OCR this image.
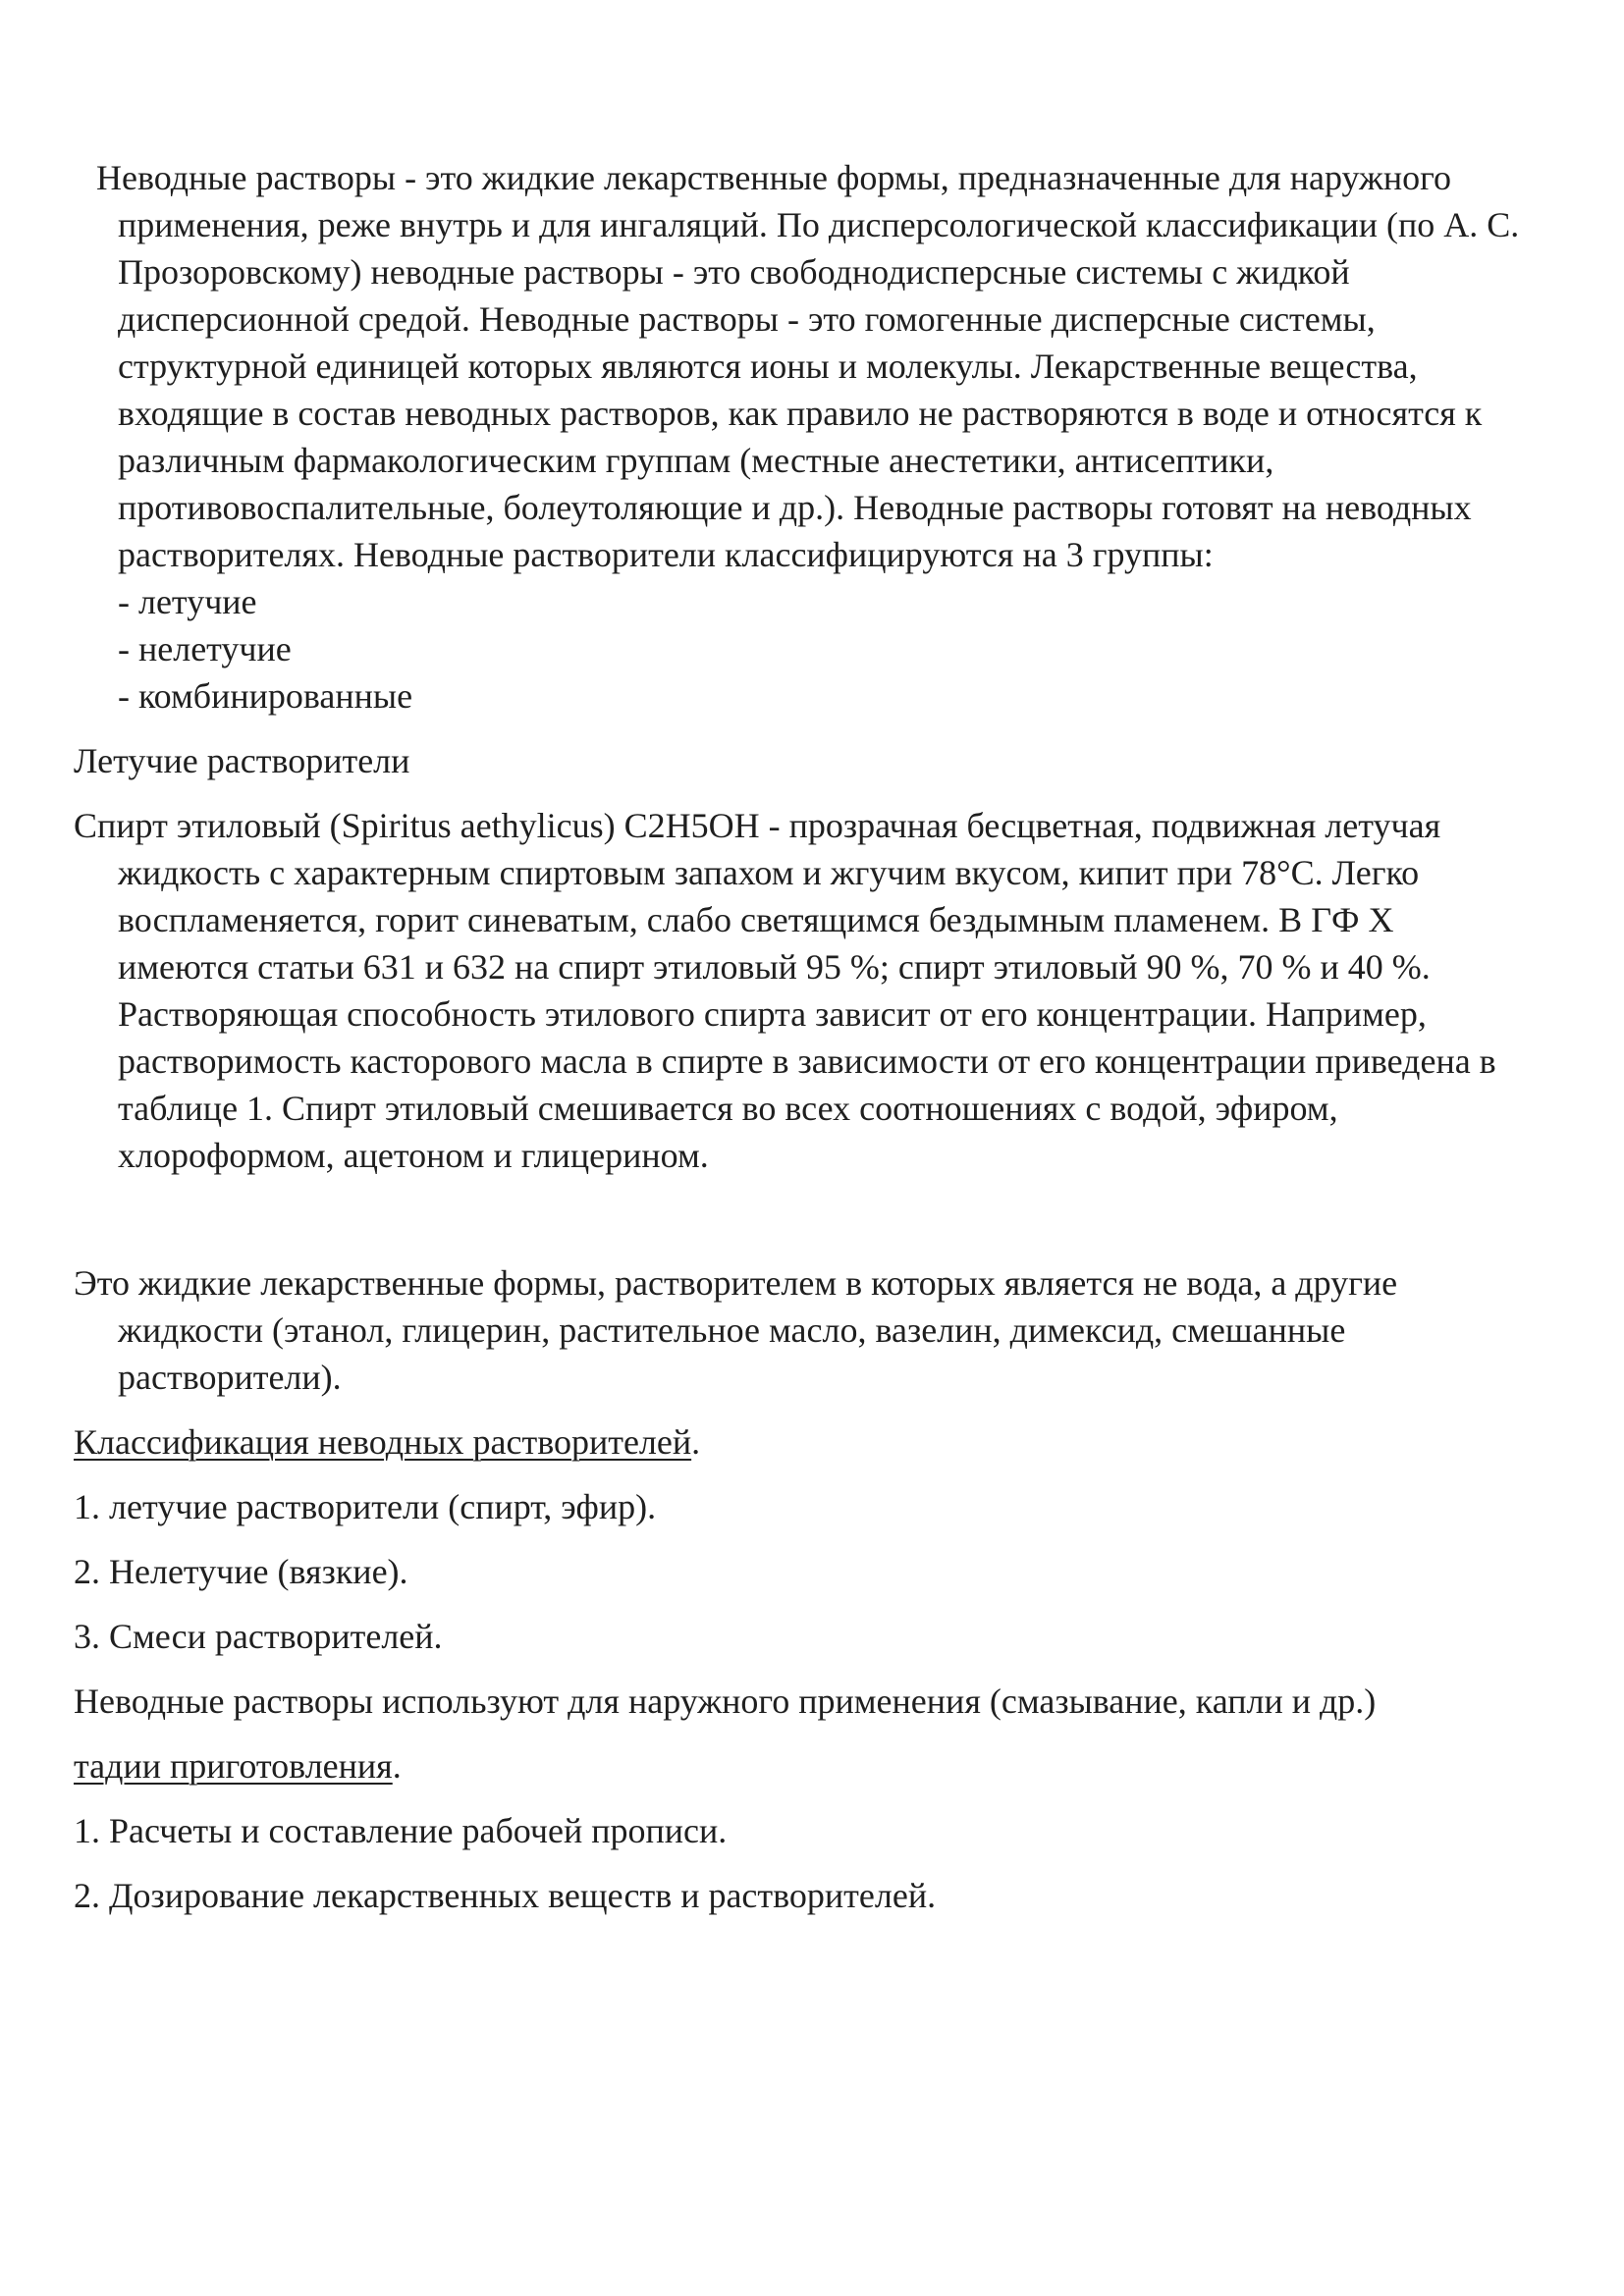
Неводные растворы - это жидкие лекарственные формы, предназначенные для наружного применения, реже внутрь и для ингаляций. По дисперсологической классификации (по А. С. Прозоровскому) неводные растворы - это свободнодисперсные системы с жидкой дисперсионной средой. Неводные растворы - это гомогенные дисперсные системы, структурной единицей которых являются ионы и молекулы. Лекарственные вещества, входящие в состав неводных растворов, как правило не растворяются в воде и относятся к различным фармакологическим группам (местные анестетики, антисептики, противовоспалительные, болеутоляющие и др.). Неводные растворы готовят на неводных растворителях. Неводные растворители классифицируются на 3 группы:

- летучие
- нелетучие
- комбинированные

Летучие растворители

Спирт этиловый (Spiritus aethylicus) C2H5OH - прозрачная бесцветная, подвижная летучая жидкость с характерным спиртовым запахом и жгучим вкусом, кипит при 78°С. Легко воспламеняется, горит синеватым, слабо светящимся бездымным пламенем. В ГФ X имеются статьи 631 и 632 на спирт этиловый 95 %; спирт этиловый 90 %, 70 % и 40 %. Растворяющая способность этилового спирта зависит от его концентрации. Например, растворимость касторового масла в спирте в зависимости от его концентрации приведена в таблице 1. Спирт этиловый смешивается во всех соотношениях с водой, эфиром, хлороформом, ацетоном и глицерином.

Это жидкие лекарственные формы, растворителем в которых является не вода, а другие жидкости (этанол, глицерин, растительное масло, вазелин, димексид, смешанные растворители).

Классификация неводных растворителей.

1. летучие растворители (спирт, эфир).
2. Нелетучие (вязкие).
3. Смеси растворителей.

Неводные растворы используют для наружного применения (смазывание, капли и др.)

тадии приготовления.

1. Расчеты и составление рабочей прописи.
2. Дозирование лекарственных веществ и растворителей.
